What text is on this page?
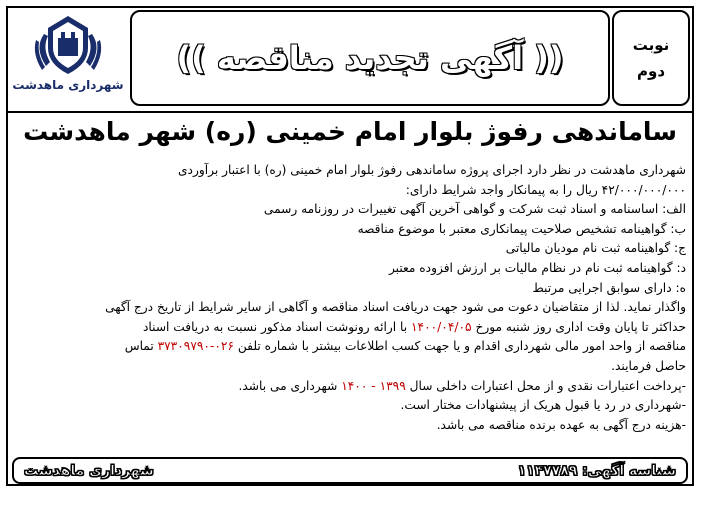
نوبت
دوم
(( آگهی تجدید مناقصه ))
شهرداری ماهدشت
ساماندهی رفوژ بلوار امام خمینی (ره) شهر ماهدشت

شهرداری ماهدشت در نظر دارد اجرای پروژه ساماندهی رفوژ بلوار امام خمینی (ره) با اعتبار برآوردی

۴۲/۰۰۰/۰۰۰/۰۰۰ ریال را به پیمانکار واجد شرایط دارای:

الف: اساسنامه و اسناد ثبت شرکت و گواهی آخرین آگهی تغییرات در روزنامه رسمی

ب: گواهینامه تشخیص صلاحیت پیمانکاری معتبر با موضوع مناقصه

ج: گواهینامه ثبت نام مودیان مالیاتی

د: گواهینامه ثبت نام در نظام مالیات بر ارزش افزوده معتبر

ه: دارای سوابق اجرایی مرتبط

واگذار نماید. لذا از متقاضیان دعوت می شود جهت دریافت اسناد مناقصه و آگاهی از سایر شرایط از تاریخ درج آگهی

حداکثر تا پایان وقت اداری روز شنبه مورخ ۱۴۰۰/۰۴/۰۵ با ارائه رونوشت اسناد مذکور نسبت به دریافت اسناد

مناقصه از واحد امور مالی شهرداری اقدام و یا جهت کسب اطلاعات بیشتر با شماره تلفن ۰۲۶-۳۷۳۰۹۷۹۰ تماس

حاصل فرمایند.

-پرداخت اعتبارات نقدی و از محل اعتبارات داخلی سال ۱۳۹۹ - ۱۴۰۰ شهرداری می باشد.

-شهرداری در رد یا قبول هریک از پیشنهادات مختار است.

-هزینه درج آگهی به عهده برنده مناقصه می باشد.

شناسه آگهی: ۱۱۴۷۷۸۹
شهرداری ماهدشت
